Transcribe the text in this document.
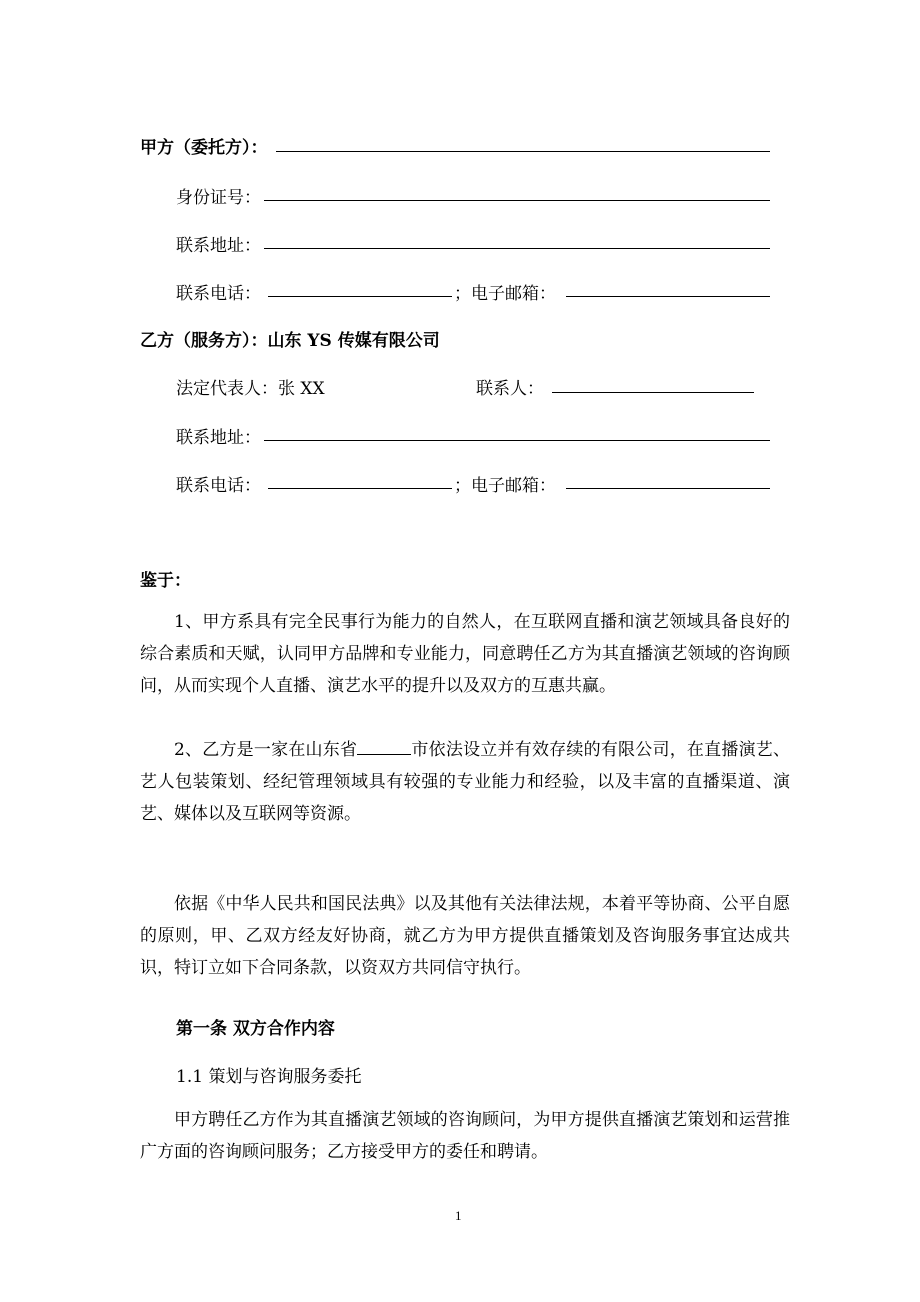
甲方（委托方）：
身份证号：
联系地址：
联系电话：	；电子邮箱：
乙方（服务方）：山东 YS 传媒有限公司
法定代表人：张 XX	联系人：
联系地址：
联系电话：	；电子邮箱：
鉴于：
1、甲方系具有完全民事行为能力的自然人，在互联网直播和演艺领域具备良好的综合素质和天赋，认同甲方品牌和专业能力，同意聘任乙方为其直播演艺领域的咨询顾问，从而实现个人直播、演艺水平的提升以及双方的互惠共赢。
2、乙方是一家在山东省	市依法设立并有效存续的有限公司，在直播演艺、艺人包装策划、经纪管理领域具有较强的专业能力和经验，以及丰富的直播渠道、演艺、媒体以及互联网等资源。
依据《中华人民共和国民法典》以及其他有关法律法规，本着平等协商、公平自愿的原则，甲、乙双方经友好协商，就乙方为甲方提供直播策划及咨询服务事宜达成共识，特订立如下合同条款，以资双方共同信守执行。
第一条 双方合作内容
1.1 策划与咨询服务委托
甲方聘任乙方作为其直播演艺领域的咨询顾问，为甲方提供直播演艺策划和运营推广方面的咨询顾问服务；乙方接受甲方的委任和聘请。
1
